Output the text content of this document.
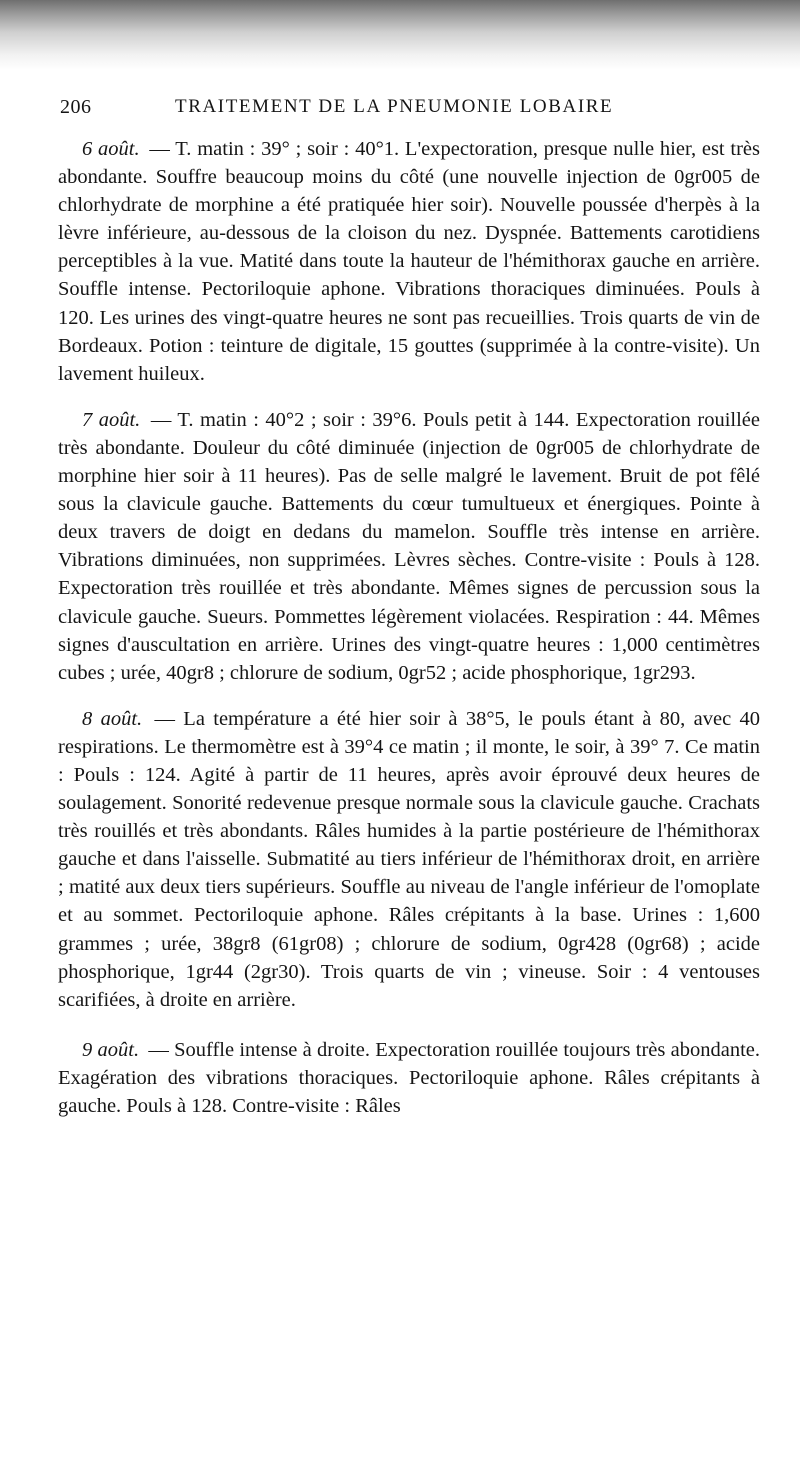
206	TRAITEMENT DE LA PNEUMONIE LOBAIRE

6 août. — T. matin : 39° ; soir : 40°1. L'expectoration, presque nulle hier, est très abondante. Souffre beaucoup moins du côté (une nouvelle injection de 0gr005 de chlorhydrate de morphine a été pratiquée hier soir). Nouvelle poussée d'herpès à la lèvre inférieure, au-dessous de la cloison du nez. Dyspnée. Battements carotidiens perceptibles à la vue. Matité dans toute la hauteur de l'hémithorax gauche en arrière. Souffle intense. Pectoriloquie aphone. Vibrations thoraciques diminuées. Pouls à 120. Les urines des vingt-quatre heures ne sont pas recueillies. Trois quarts de vin de Bordeaux. Potion : teinture de digitale, 15 gouttes (supprimée à la contre-visite). Un lavement huileux.

7 août. — T. matin : 40°2 ; soir : 39°6. Pouls petit à 144. Expectoration rouillée très abondante. Douleur du côté diminuée (injection de 0gr005 de chlorhydrate de morphine hier soir à 11 heures). Pas de selle malgré le lavement. Bruit de pot fêlé sous la clavicule gauche. Battements du cœur tumultueux et énergiques. Pointe à deux travers de doigt en dedans du mamelon. Souffle très intense en arrière. Vibrations diminuées, non supprimées. Lèvres sèches. Contre-visite : Pouls à 128. Expectoration très rouillée et très abondante. Mêmes signes de percussion sous la clavicule gauche. Sueurs. Pommettes légèrement violacées. Respiration : 44. Mêmes signes d'auscultation en arrière. Urines des vingt-quatre heures : 1,000 centimètres cubes ; urée, 40gr8 ; chlorure de sodium, 0gr52 ; acide phosphorique, 1gr293.

8 août. — La température a été hier soir à 38°5, le pouls étant à 80, avec 40 respirations. Le thermomètre est à 39°4 ce matin ; il monte, le soir, à 39° 7. Ce matin : Pouls : 124. Agité à partir de 11 heures, après avoir éprouvé deux heures de soulagement. Sonorité redevenue presque normale sous la clavicule gauche. Crachats très rouillés et très abondants. Râles humides à la partie postérieure de l'hémithorax gauche et dans l'aisselle. Submatité au tiers inférieur de l'hémithorax droit, en arrière ; matité aux deux tiers supérieurs. Souffle au niveau de l'angle inférieur de l'omoplate et au sommet. Pectoriloquie aphone. Râles crépitants à la base. Urines : 1,600 grammes ; urée, 38gr8 (61gr08) ; chlorure de sodium, 0gr428 (0gr68) ; acide phosphorique, 1gr44 (2gr30). Trois quarts de vin ; vineuse. Soir : 4 ventouses scarifiées, à droite en arrière.

9 août. — Souffle intense à droite. Expectoration rouillée toujours très abondante. Exagération des vibrations thoraciques. Pectoriloquie aphone. Râles crépitants à gauche. Pouls à 128. Contre-visite : Râles
